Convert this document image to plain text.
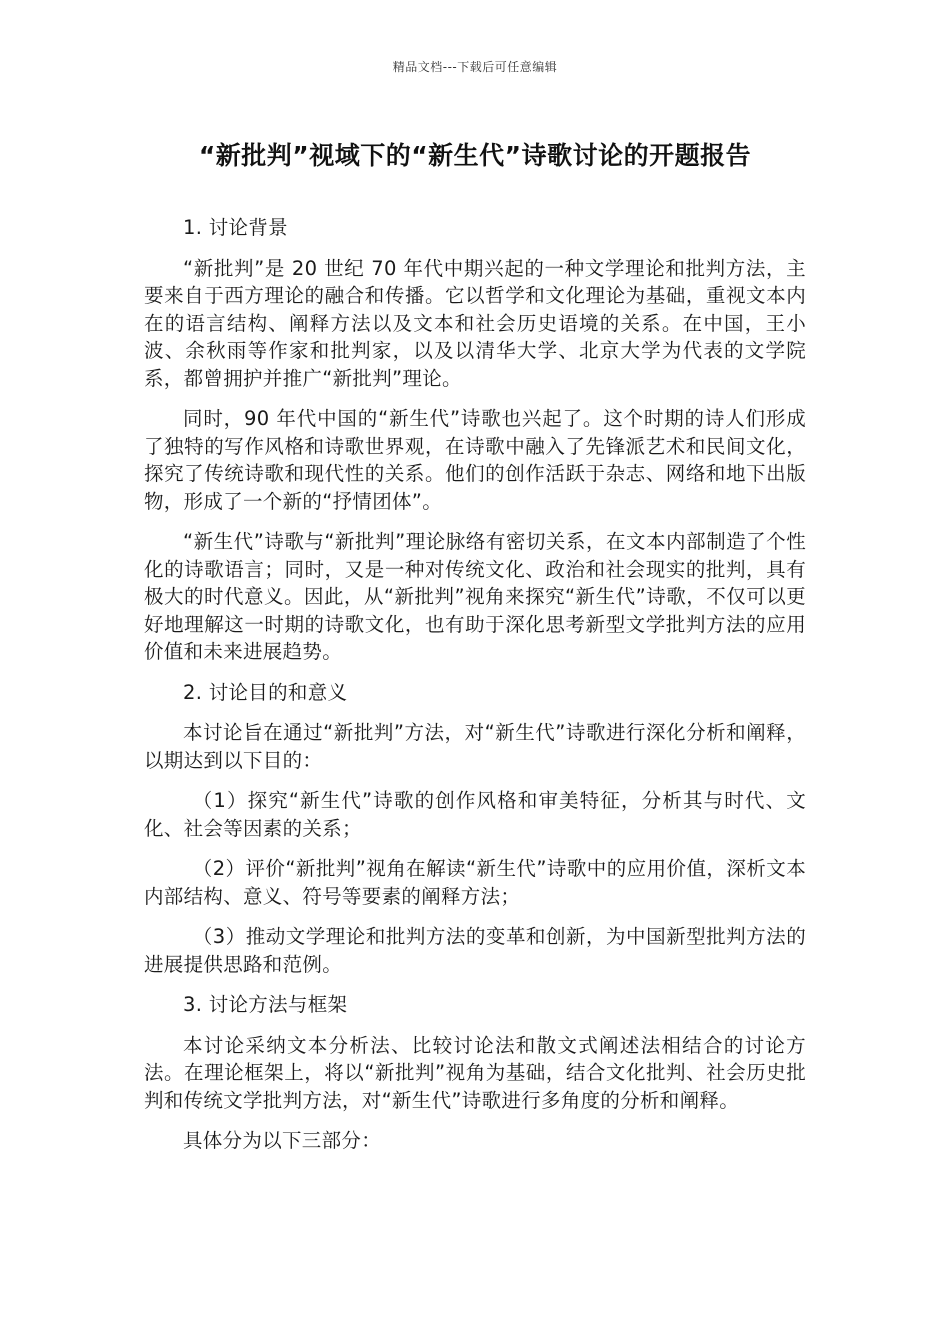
精品文档---下载后可任意编辑
“新批判”视域下的“新生代”诗歌讨论的开题报告

1. 讨论背景

“新批判”是 20 世纪 70 年代中期兴起的一种文学理论和批判方法，主要来自于西方理论的融合和传播。它以哲学和文化理论为基础，重视文本内在的语言结构、阐释方法以及文本和社会历史语境的关系。在中国，王小波、余秋雨等作家和批判家，以及以清华大学、北京大学为代表的文学院系，都曾拥护并推广“新批判”理论。

同时，90 年代中国的“新生代”诗歌也兴起了。这个时期的诗人们形成了独特的写作风格和诗歌世界观，在诗歌中融入了先锋派艺术和民间文化，探究了传统诗歌和现代性的关系。他们的创作活跃于杂志、网络和地下出版物，形成了一个新的“抒情团体”。

“新生代”诗歌与“新批判”理论脉络有密切关系，在文本内部制造了个性化的诗歌语言；同时，又是一种对传统文化、政治和社会现实的批判，具有极大的时代意义。因此，从“新批判”视角来探究“新生代”诗歌，不仅可以更好地理解这一时期的诗歌文化，也有助于深化思考新型文学批判方法的应用价值和未来进展趋势。

2. 讨论目的和意义

本讨论旨在通过“新批判”方法，对“新生代”诗歌进行深化分析和阐释，以期达到以下目的：

（1）探究“新生代”诗歌的创作风格和审美特征，分析其与时代、文化、社会等因素的关系；

（2）评价“新批判”视角在解读“新生代”诗歌中的应用价值，深析文本内部结构、意义、符号等要素的阐释方法；

（3）推动文学理论和批判方法的变革和创新，为中国新型批判方法的进展提供思路和范例。

3. 讨论方法与框架

本讨论采纳文本分析法、比较讨论法和散文式阐述法相结合的讨论方法。在理论框架上，将以“新批判”视角为基础，结合文化批判、社会历史批判和传统文学批判方法，对“新生代”诗歌进行多角度的分析和阐释。

具体分为以下三部分：
